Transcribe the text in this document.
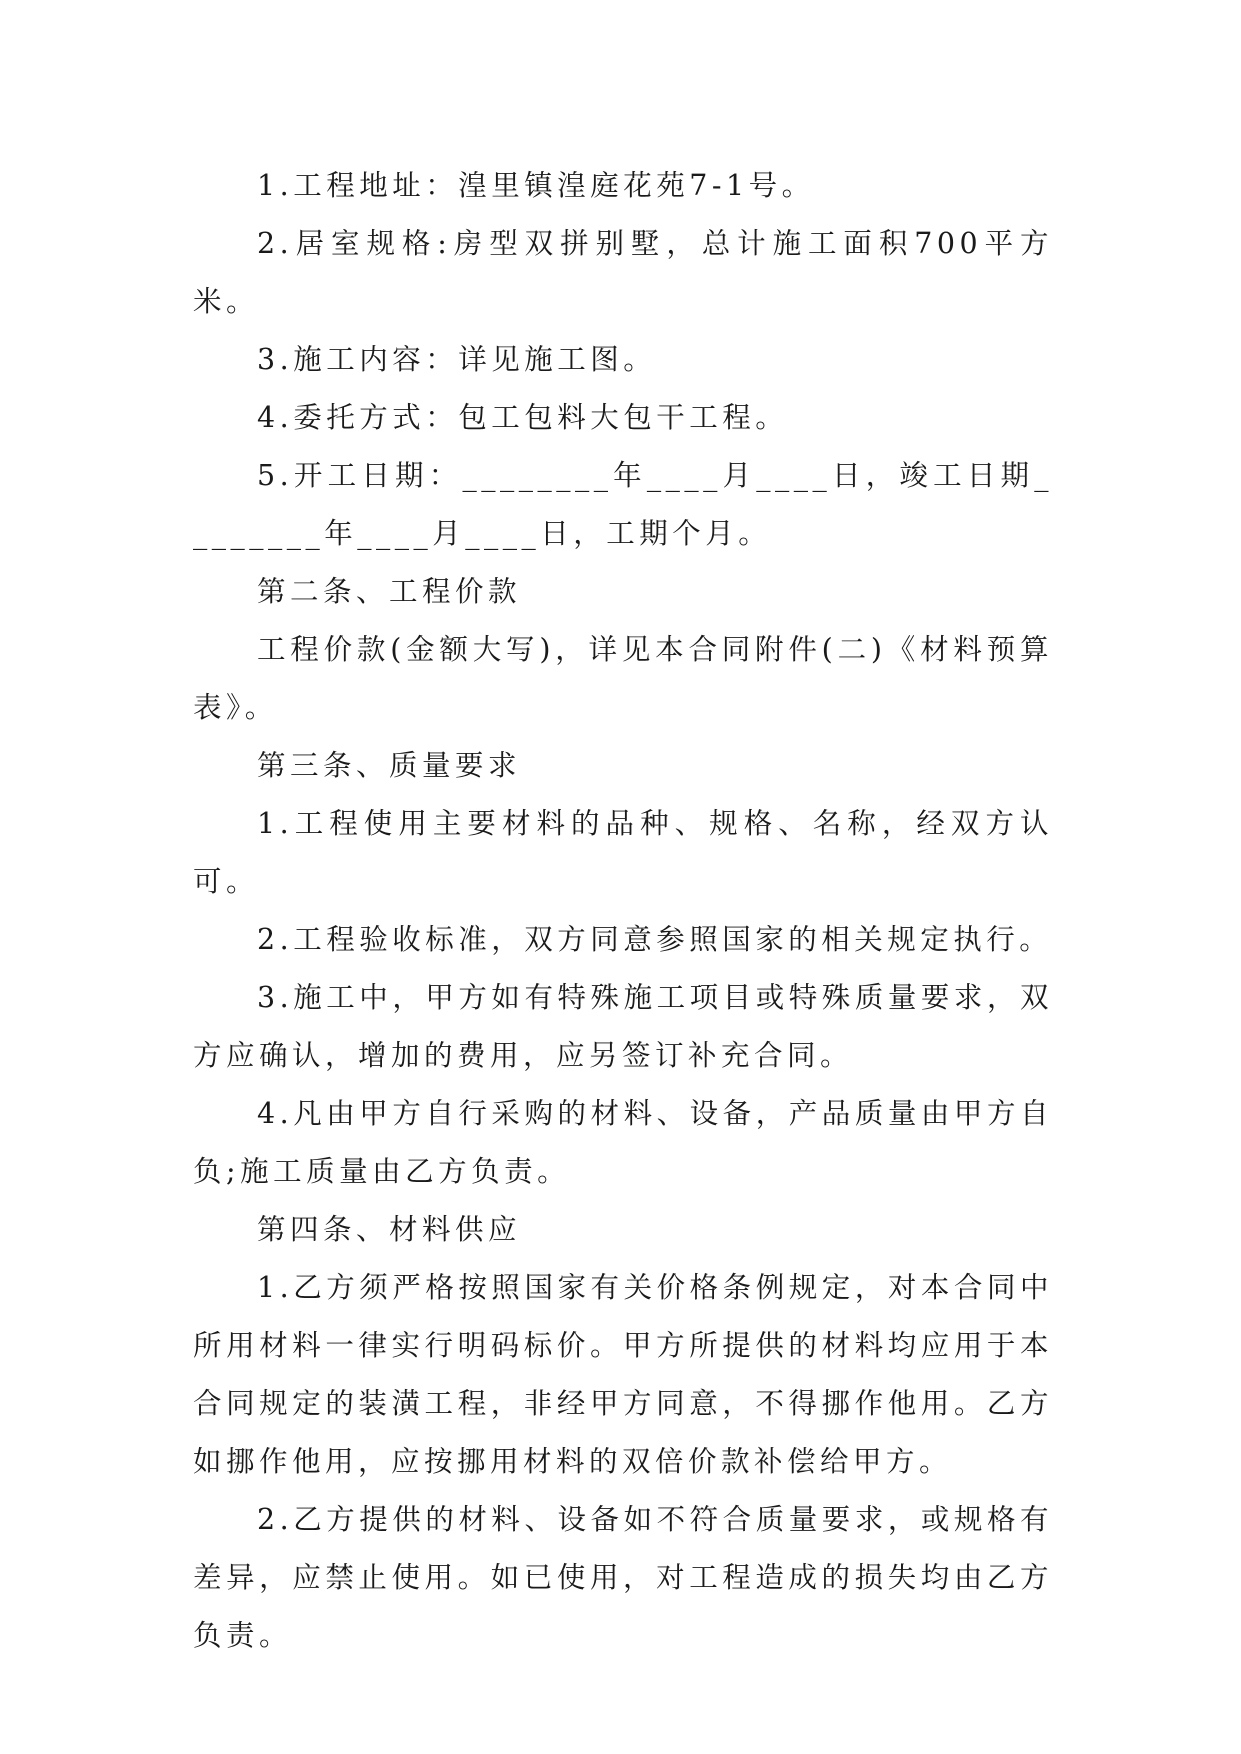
1.工程地址：湟里镇湟庭花苑7-1号。

2.居室规格:房型双拼别墅，总计施工面积700平方米。

3.施工内容：详见施工图。

4.委托方式：包工包料大包干工程。

5.开工日期：________年____月____日，竣工日期________年____月____日，工期个月。

第二条、工程价款

工程价款(金额大写)，详见本合同附件(二)《材料预算表》。

第三条、质量要求

1.工程使用主要材料的品种、规格、名称，经双方认可。

2.工程验收标准，双方同意参照国家的相关规定执行。

3.施工中，甲方如有特殊施工项目或特殊质量要求，双方应确认，增加的费用，应另签订补充合同。

4.凡由甲方自行采购的材料、设备，产品质量由甲方自负;施工质量由乙方负责。

第四条、材料供应

1.乙方须严格按照国家有关价格条例规定，对本合同中所用材料一律实行明码标价。甲方所提供的材料均应用于本合同规定的装潢工程，非经甲方同意，不得挪作他用。乙方如挪作他用，应按挪用材料的双倍价款补偿给甲方。

2.乙方提供的材料、设备如不符合质量要求，或规格有差异，应禁止使用。如已使用，对工程造成的损失均由乙方负责。
